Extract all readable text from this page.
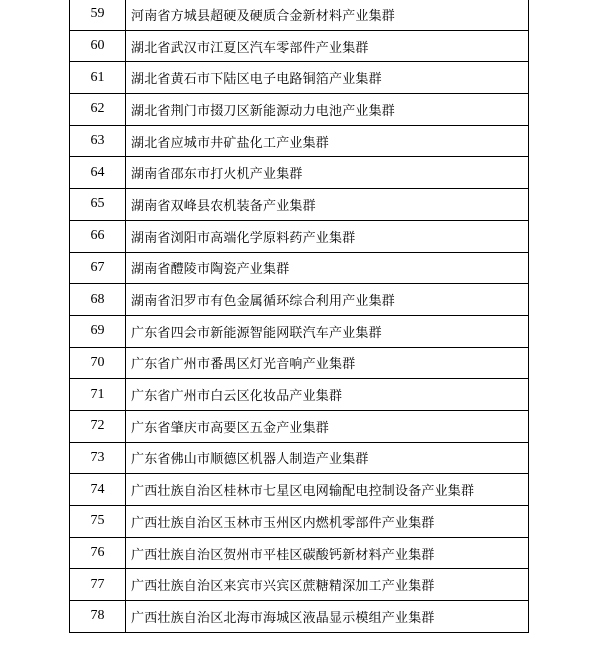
59	河南省方城县超硬及硬质合金新材料产业集群
60	湖北省武汉市江夏区汽车零部件产业集群
61	湖北省黄石市下陆区电子电路铜箔产业集群
62	湖北省荆门市掇刀区新能源动力电池产业集群
63	湖北省应城市井矿盐化工产业集群
64	湖南省邵东市打火机产业集群
65	湖南省双峰县农机装备产业集群
66	湖南省浏阳市高端化学原料药产业集群
67	湖南省醴陵市陶瓷产业集群
68	湖南省汨罗市有色金属循环综合利用产业集群
69	广东省四会市新能源智能网联汽车产业集群
70	广东省广州市番禺区灯光音响产业集群
71	广东省广州市白云区化妆品产业集群
72	广东省肇庆市高要区五金产业集群
73	广东省佛山市顺德区机器人制造产业集群
74	广西壮族自治区桂林市七星区电网输配电控制设备产业集群
75	广西壮族自治区玉林市玉州区内燃机零部件产业集群
76	广西壮族自治区贺州市平桂区碳酸钙新材料产业集群
77	广西壮族自治区来宾市兴宾区蔗糖精深加工产业集群
78	广西壮族自治区北海市海城区液晶显示模组产业集群
